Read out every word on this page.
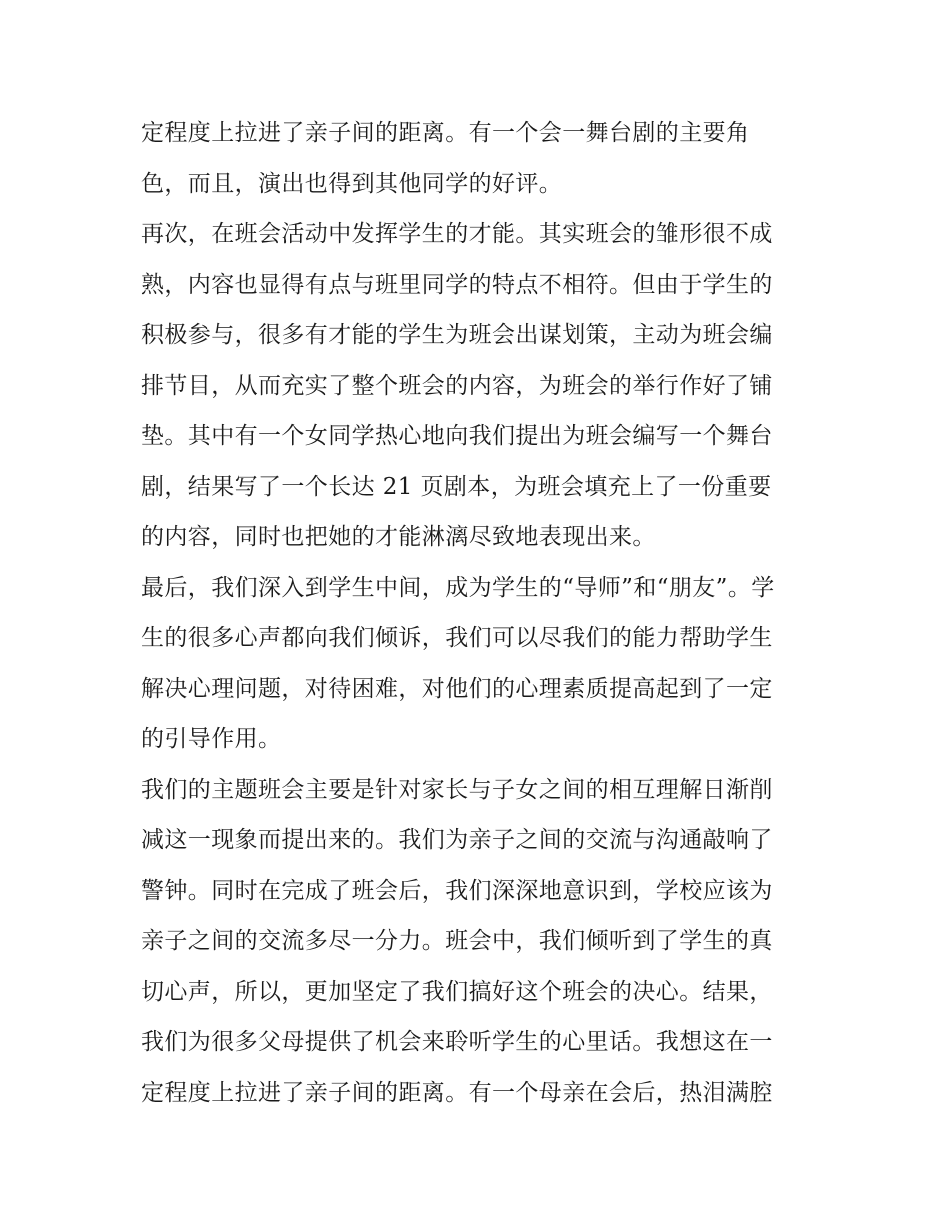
定程度上拉进了亲子间的距离。有一个会一舞台剧的主要角
色，而且，演出也得到其他同学的好评。
再次，在班会活动中发挥学生的才能。其实班会的雏形很不成
熟，内容也显得有点与班里同学的特点不相符。但由于学生的
积极参与，很多有才能的学生为班会出谋划策，主动为班会编
排节目，从而充实了整个班会的内容，为班会的举行作好了铺
垫。其中有一个女同学热心地向我们提出为班会编写一个舞台
剧，结果写了一个长达 21 页剧本，为班会填充上了一份重要
的内容，同时也把她的才能淋漓尽致地表现出来。
最后，我们深入到学生中间，成为学生的“导师”和“朋友”。学
生的很多心声都向我们倾诉，我们可以尽我们的能力帮助学生
解决心理问题，对待困难，对他们的心理素质提高起到了一定
的引导作用。
我们的主题班会主要是针对家长与子女之间的相互理解日渐削
减这一现象而提出来的。我们为亲子之间的交流与沟通敲响了
警钟。同时在完成了班会后，我们深深地意识到，学校应该为
亲子之间的交流多尽一分力。班会中，我们倾听到了学生的真
切心声，所以，更加坚定了我们搞好这个班会的决心。结果，
我们为很多父母提供了机会来聆听学生的心里话。我想这在一
定程度上拉进了亲子间的距离。有一个母亲在会后，热泪满腔
